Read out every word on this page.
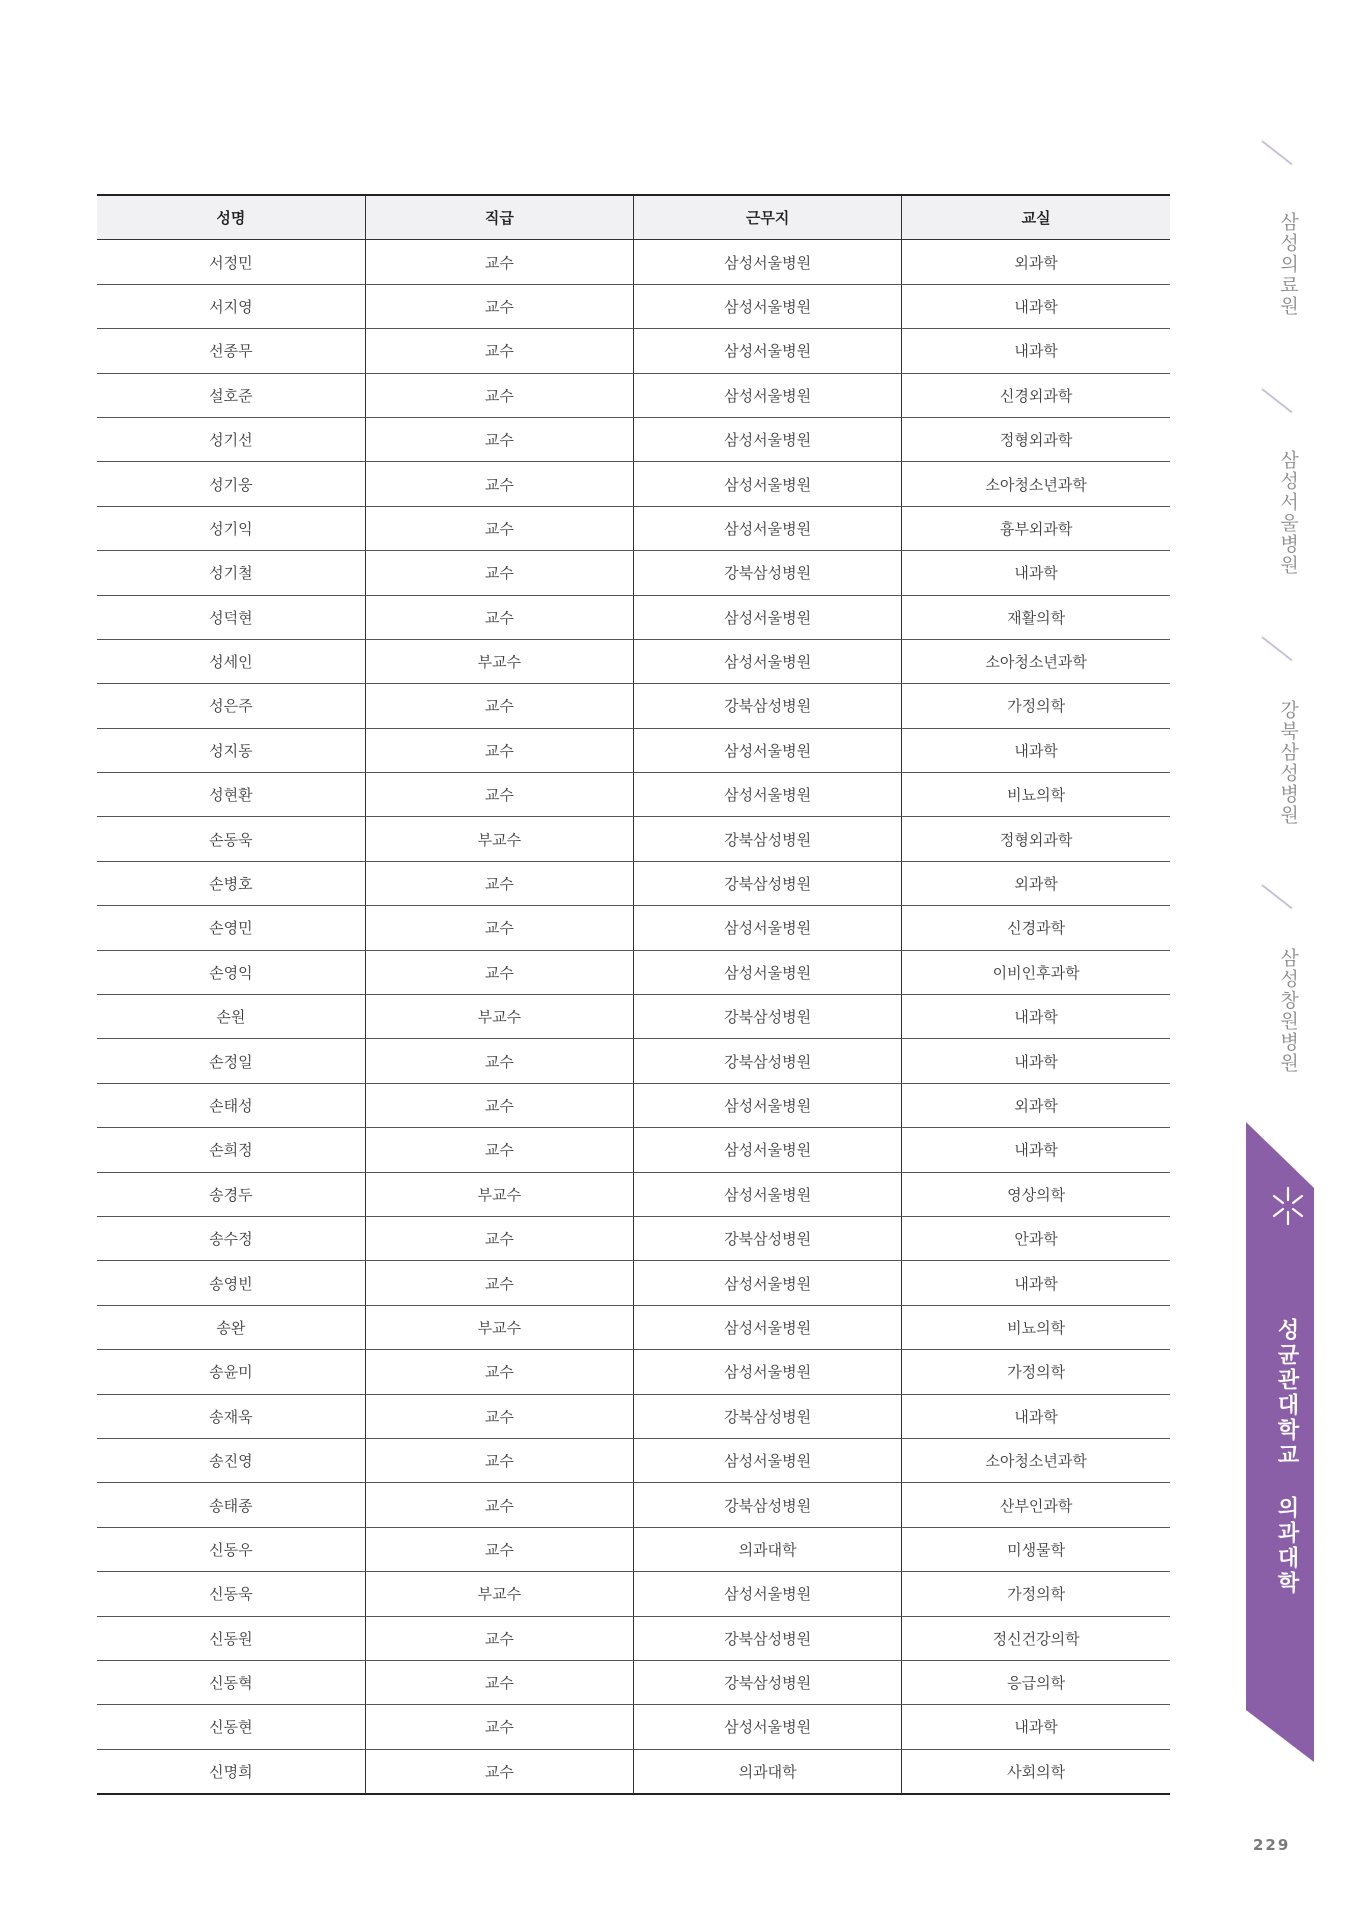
성명	직급	근무지	교실
서정민	교수	삼성서울병원	외과학
서지영	교수	삼성서울병원	내과학
선종무	교수	삼성서울병원	내과학
설호준	교수	삼성서울병원	신경외과학
성기선	교수	삼성서울병원	정형외과학
성기웅	교수	삼성서울병원	소아청소년과학
성기익	교수	삼성서울병원	흉부외과학
성기철	교수	강북삼성병원	내과학
성덕현	교수	삼성서울병원	재활의학
성세인	부교수	삼성서울병원	소아청소년과학
성은주	교수	강북삼성병원	가정의학
성지동	교수	삼성서울병원	내과학
성현환	교수	삼성서울병원	비뇨의학
손동욱	부교수	강북삼성병원	정형외과학
손병호	교수	강북삼성병원	외과학
손영민	교수	삼성서울병원	신경과학
손영익	교수	삼성서울병원	이비인후과학
손원	부교수	강북삼성병원	내과학
손정일	교수	강북삼성병원	내과학
손태성	교수	삼성서울병원	외과학
손희정	교수	삼성서울병원	내과학
송경두	부교수	삼성서울병원	영상의학
송수정	교수	강북삼성병원	안과학
송영빈	교수	삼성서울병원	내과학
송완	부교수	삼성서울병원	비뇨의학
송윤미	교수	삼성서울병원	가정의학
송재욱	교수	강북삼성병원	내과학
송진영	교수	삼성서울병원	소아청소년과학
송태종	교수	강북삼성병원	산부인과학
신동우	교수	의과대학	미생물학
신동욱	부교수	삼성서울병원	가정의학
신동원	교수	강북삼성병원	정신건강의학
신동혁	교수	강북삼성병원	응급의학
신동현	교수	삼성서울병원	내과학
신명희	교수	의과대학	사회의학
삼성의료원
삼성서울병원
강북삼성병원
삼성창원병원
성균관대학교 의과대학
229
